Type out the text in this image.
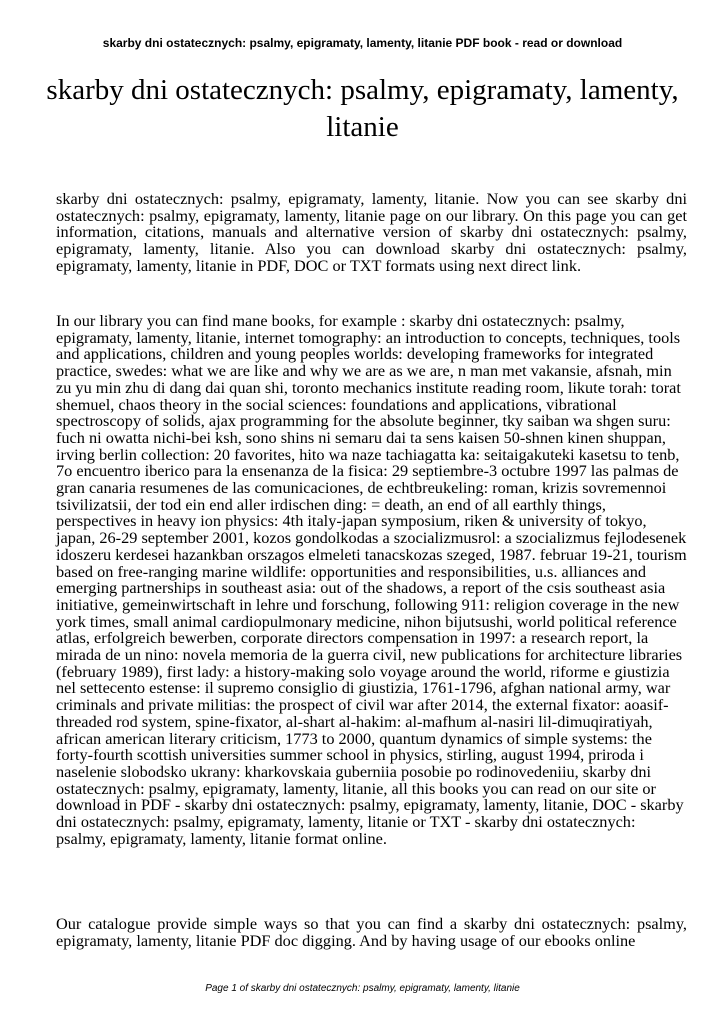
skarby dni ostatecznych: psalmy, epigramaty, lamenty, litanie PDF book - read or download
skarby dni ostatecznych: psalmy, epigramaty, lamenty, litanie

skarby dni ostatecznych: psalmy, epigramaty, lamenty, litanie. Now you can see skarby dni ostatecznych: psalmy, epigramaty, lamenty, litanie page on our library. On this page you can get information, citations, manuals and alternative version of skarby dni ostatecznych: psalmy, epigramaty, lamenty, litanie. Also you can download skarby dni ostatecznych: psalmy, epigramaty, lamenty, litanie in PDF, DOC or TXT formats using next direct link.

In our library you can find mane books, for example : skarby dni ostatecznych: psalmy, epigramaty, lamenty, litanie, internet tomography: an introduction to concepts, techniques, tools and applications, children and young peoples worlds: developing frameworks for integrated practice, swedes: what we are like and why we are as we are, n man met vakansie, afsnah, min zu yu min zhu di dang dai quan shi, toronto mechanics institute reading room, likute torah: torat shemuel, chaos theory in the social sciences: foundations and applications, vibrational spectroscopy of solids, ajax programming for the absolute beginner, tky saiban wa shgen suru: fuch ni owatta nichi-bei ksh, sono shins ni semaru dai ta sens kaisen 50-shnen kinen shuppan, irving berlin collection: 20 favorites, hito wa naze tachiagatta ka: seitaigakuteki kasetsu to tenb, 7o encuentro iberico para la ensenanza de la fisica: 29 septiembre-3 octubre 1997 las palmas de gran canaria resumenes de las comunicaciones, de echtbreukeling: roman, krizis sovremennoi tsivilizatsii, der tod ein end aller irdischen ding: = death, an end of all earthly things, perspectives in heavy ion physics: 4th italy-japan symposium, riken & university of tokyo, japan, 26-29 september 2001, kozos gondolkodas a szocializmusrol: a szocializmus fejlodesenek idoszeru kerdesei hazankban orszagos elmeleti tanacskozas szeged, 1987. februar 19-21, tourism based on free-ranging marine wildlife: opportunities and responsibilities, u.s. alliances and emerging partnerships in southeast asia: out of the shadows, a report of the csis southeast asia initiative, gemeinwirtschaft in lehre und forschung, following 911: religion coverage in the new york times, small animal cardiopulmonary medicine, nihon bijutsushi, world political reference atlas, erfolgreich bewerben, corporate directors compensation in 1997: a research report, la mirada de un nino: novela memoria de la guerra civil, new publications for architecture libraries (february 1989), first lady: a history-making solo voyage around the world, riforme e giustizia nel settecento estense: il supremo consiglio di giustizia, 1761-1796, afghan national army, war criminals and private militias: the prospect of civil war after 2014, the external fixator: aoasif-threaded rod system, spine-fixator, al-shart al-hakim: al-mafhum al-nasiri lil-dimuqiratiyah, african american literary criticism, 1773 to 2000, quantum dynamics of simple systems: the forty-fourth scottish universities summer school in physics, stirling, august 1994, priroda i naselenie slobodsko ukrany: kharkovskaia guberniia posobie po rodinovedeniiu, skarby dni ostatecznych: psalmy, epigramaty, lamenty, litanie, all this books you can read on our site or download in PDF - skarby dni ostatecznych: psalmy, epigramaty, lamenty, litanie, DOC - skarby dni ostatecznych: psalmy, epigramaty, lamenty, litanie or TXT - skarby dni ostatecznych: psalmy, epigramaty, lamenty, litanie format online.

Our catalogue provide simple ways so that you can find a skarby dni ostatecznych: psalmy, epigramaty, lamenty, litanie PDF doc digging. And by having usage of our ebooks online

Page 1 of skarby dni ostatecznych: psalmy, epigramaty, lamenty, litanie
